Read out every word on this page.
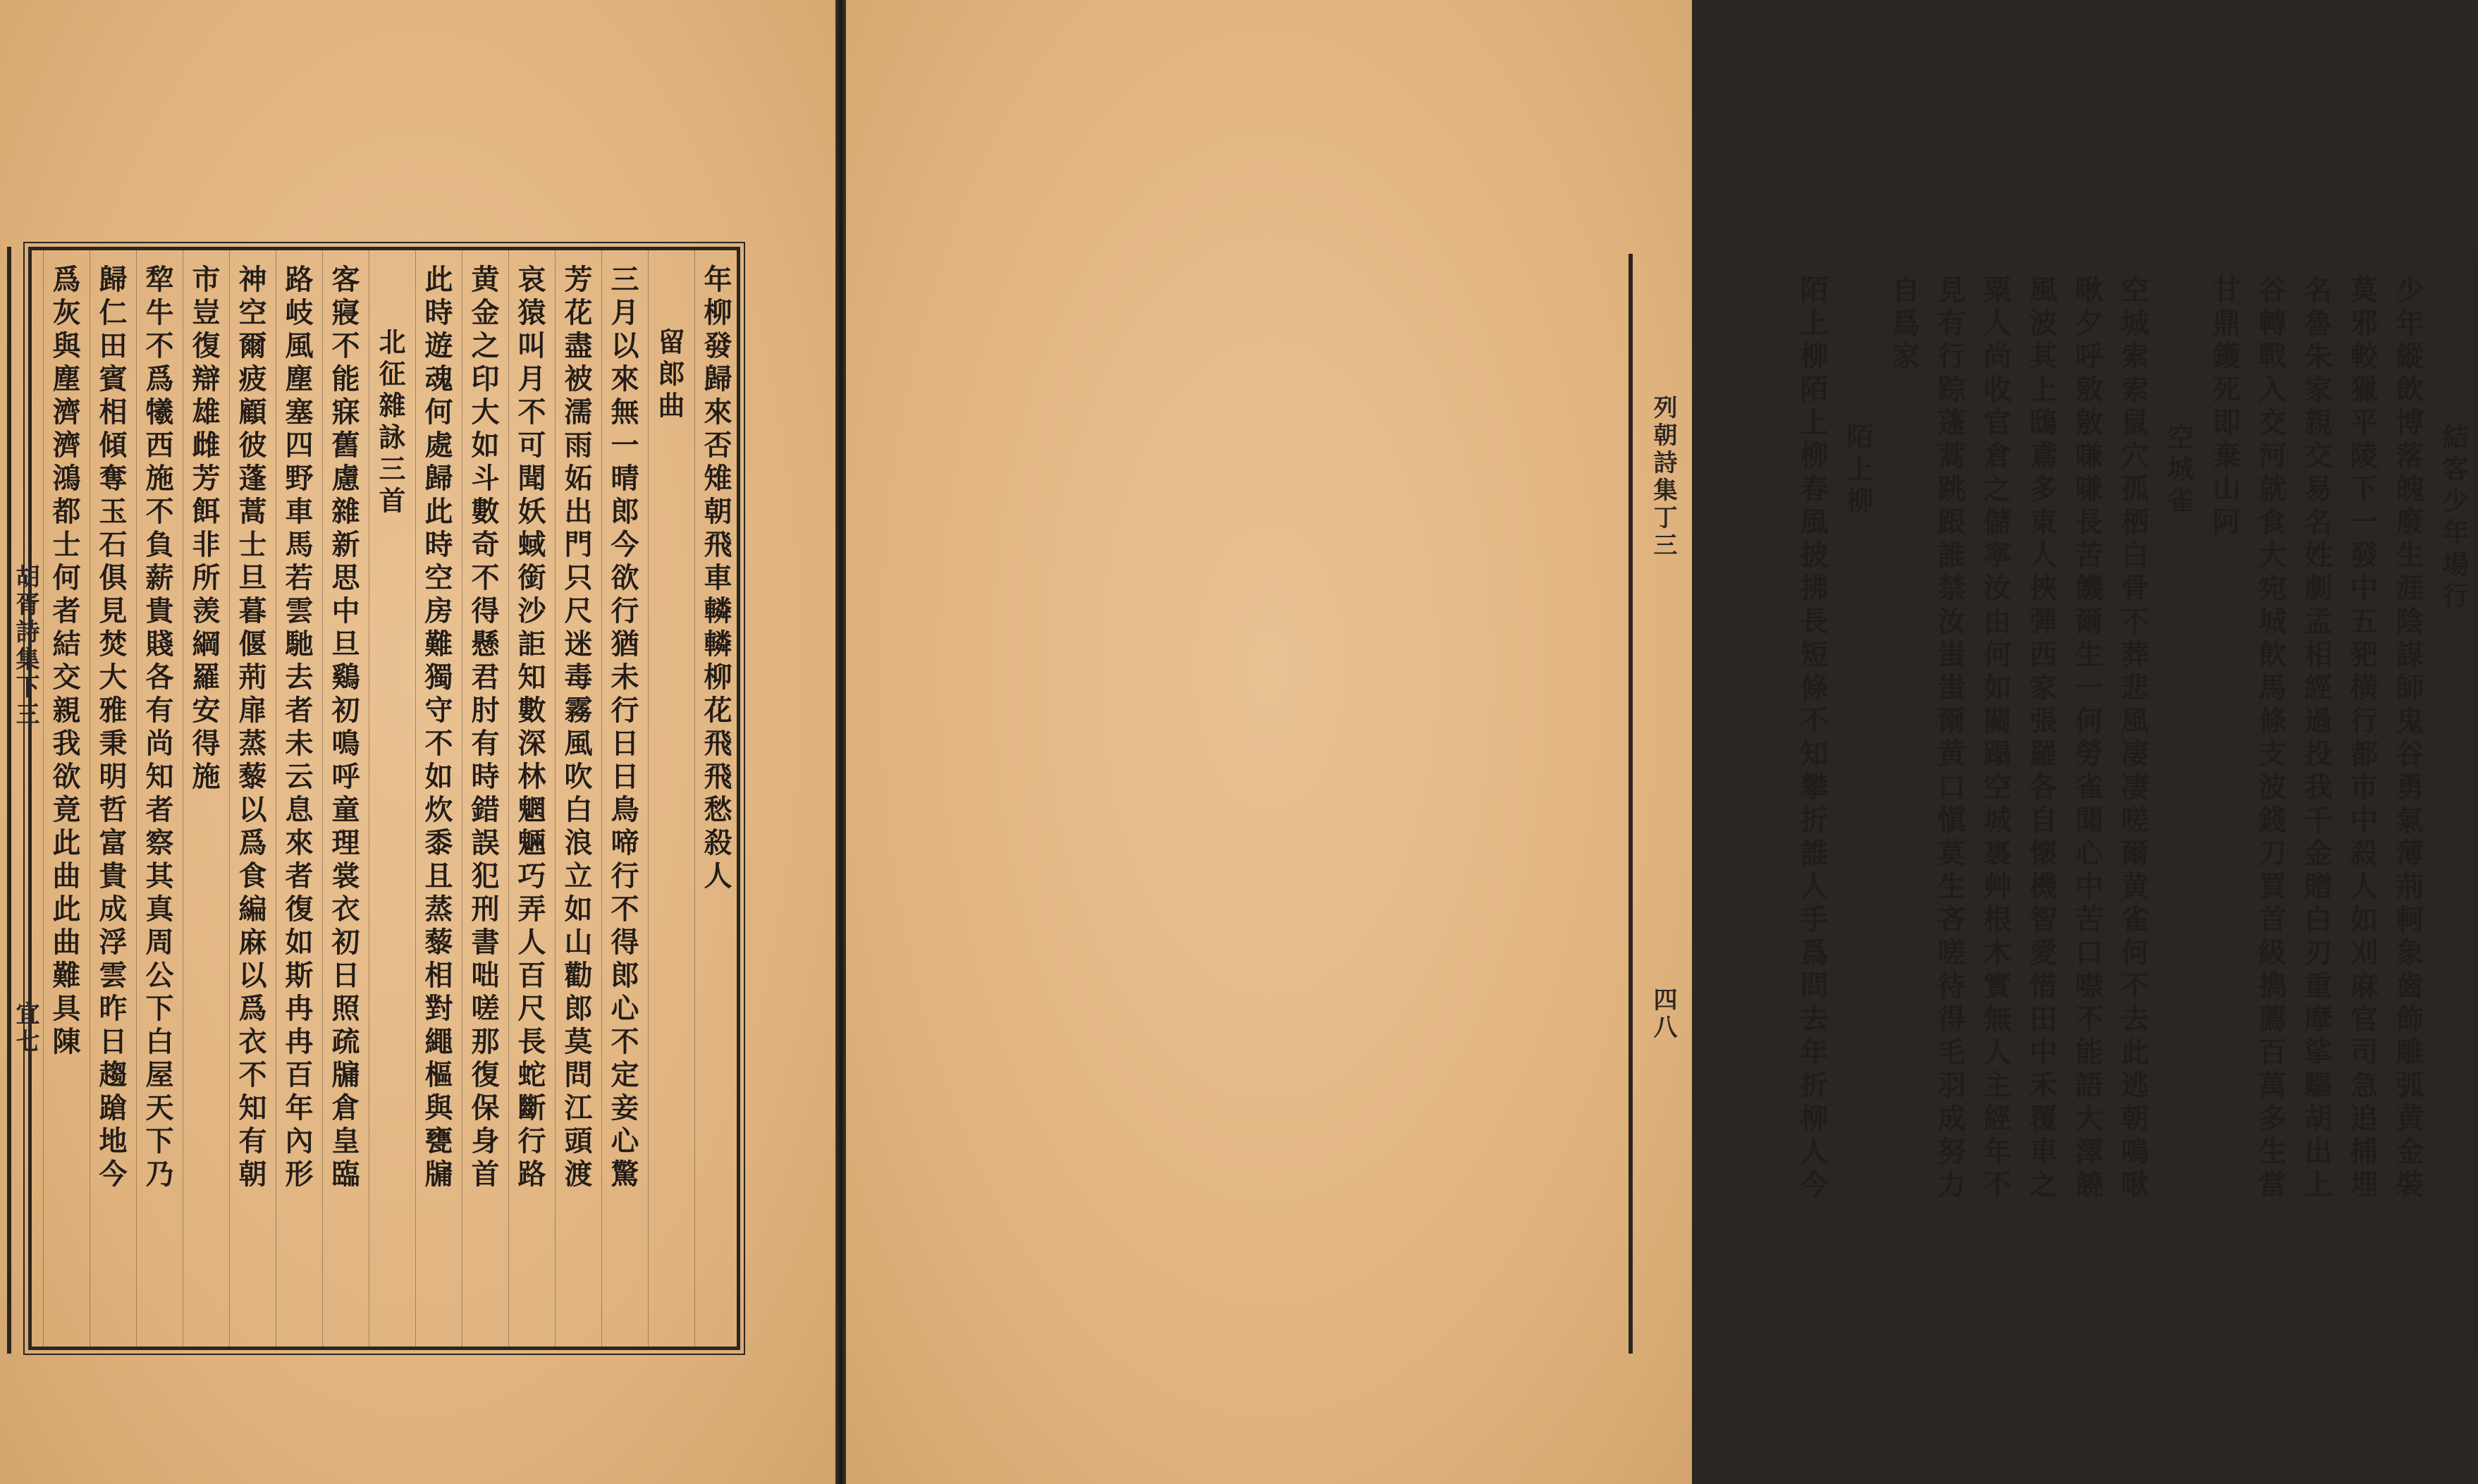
年柳發歸來否雉朝飛車轔轔柳花飛飛愁殺人
留郎曲
三月以來無一晴郎今欲行猶未行日日鳥啼行不得郎心不定妾心驚
芳花盡被濡雨妬出門只尺迷毒霧風吹白浪立如山勸郎莫問江頭渡
哀猿叫月不可聞妖蜮銜沙詎知數深林魍魎巧弄人百尺長蛇斷行路
黄金之印大如斗數奇不得懸君肘有時錯誤犯刑書咄嗟那復保身首
此時遊魂何處歸此時空房難獨守不如炊黍且蒸藜相對繩樞與甕牖
北征雜詠三首
客寢不能寐舊慮雜新思中旦鷄初鳴呼童理裳衣初日照疏牖倉皇臨
路岐風塵塞四野車馬若雲馳去者未云息來者復如斯冉冉百年內形
神空爾疲顧彼蓬蒿士旦暮偃荊扉蒸藜以爲食編麻以爲衣不知有朝
市豈復辯雄雌芳餌非所羡綱羅安得施
犂牛不爲犧西施不負薪貴賤各有尚知者察其真周公下白屋天下乃
歸仁田賓相傾奪玉石俱見焚大雅秉明哲富貴成浮雲昨日趨蹌地今
爲灰與塵濟濟鴻都士何者結交親我欲竟此曲此曲難具陳
胡胥詩集下三
宜七
結客少年場行
少年縱飲博落魄廢生涯陰謀師鬼谷勇氣薄荊軻象齒飾雕弧黄金裝
莫邪較獵平陵下一發中五豝横行都市中殺人如刈麻官司急追捕埋
名魯朱家親交易名姓劇孟相經過投我千金贈白刃重摩挲驅胡出上
谷轉戰入交河就食大宛城飲馬條支波錢刀買首級擕薦百萬多生當
甘鼎鑊死即棄山阿
空城雀
空城索索鼠穴孤栖白骨不葬悲風凄凄嗟爾黄雀何不去此逃朝鳴啾
啾夕呼敫敫嗛嗛長苦饑爾生一何勞雀聞心中苦口噤不能語大澤饒
風波其上鴟鳶多東人挾彈西家張羅各自懷機智愛惜田中禾覆車之
粟人尚收官倉之儲寧汝由何如關蹋空城裏艸根木實無人主經年不
見有行踪蓬蒿跳跟誰禁汝蚩蚩爾黄口愼莫生吝嗟待得毛羽成努力
自爲家
陌上柳
陌上柳陌上柳春風披拂長短條不知攀折誰人手爲問去年折柳人今
列朝詩集丁三
四八
